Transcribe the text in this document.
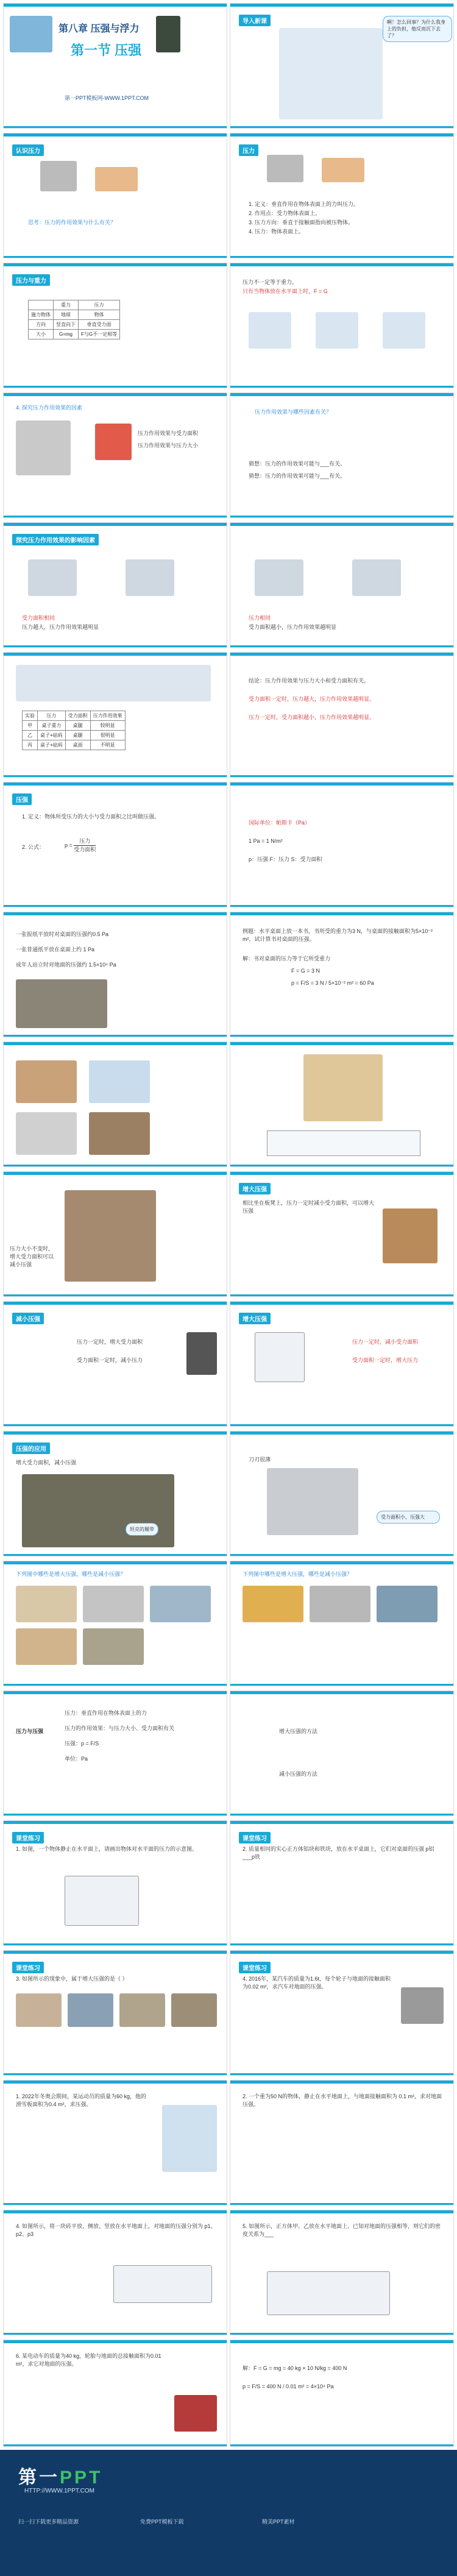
第八章 压强与浮力
第一节 压强
第一PPT模板网-WWW.1PPT.COM
导入新课	啊！怎么回事？为什么我身上的负担，他反而沉下去了？
认识压力
思考：压力的作用效果与什么有关？
压力
1. 定义：垂直作用在物体表面上的力叫压力。
2. 作用点：受力物体表面上。
3. 压力方向：垂直于接触面指向被压物体。
4. 压力：物体表面上。
压力与重力
	重力	压力
施力物体	地球	物体
方向	竖直向下	垂直受力面
大小	G=mg	F与G不一定相等
压力不一定等于重力。
只有当物体放在水平面上时，F = G
4. 探究压力作用效果的因素
压力作用效果与受力面积
压力作用效果与压力大小
压力作用效果与哪些因素有关？
猜想：压力的作用效果可能与___有关。
猜想：压力的作用效果可能与___有关。
探究压力作用效果的影响因素
受力面积相同
压力越大，压力作用效果越明显
压力相同
受力面积越小，压力作用效果越明显
实验	压力	受力面积	压力作用效果
甲	桌子重力	桌腿	较明显
乙	桌子+砝码	桌腿	很明显
丙	桌子+砝码	桌面	不明显
结论：压力作用效果与压力大小和受力面积有关。
受力面积一定时，压力越大，压力作用效果越明显。
压力一定时，受力面积越小，压力作用效果越明显。
压强
1. 定义：物体所受压力的大小与受力面积之比叫做压强。
2. 公式：	$p = \frac{\text{压力}}{\text{受力面积}}$
国际单位：帕斯卡（Pa）
1 Pa = 1 N/m²
p：压强 F：压力 S：受力面积
一张报纸平放时对桌面的压强约0.5 Pa
一张普通纸平放在桌面上约 1 Pa
成年人站立时对地面的压强约 1.5×10⁴ Pa
例题：水平桌面上放一本书，书所受的重力为3 N，与桌面的接触面积为5×10⁻² m²，试计算书对桌面的压强。
解：书对桌面的压力等于它所受重力
F = G = 3 N
p = F/S = 3 N / 5×10⁻² m² = 60 Pa
压力大小不变时，增大受力面积可以减小压强
增大压强
相比坐在板凳上，压力一定时减小受力面积，可以增大压强
减小压强
压力一定时，增大受力面积
受力面积一定时，减小压力
增大压强
压力一定时，减小受力面积
受力面积一定时，增大压力
压强的应用
增大受力面积，减小压强
坦克的履带
刀刃很薄
受力面积小，压强大
下列图中哪些是增大压强，哪些是减小压强？	下列图中哪些是增大压强，哪些是减小压强？
压力与压强
压力：垂直作用在物体表面上的力
压力的作用效果：与压力大小、受力面积有关
压强：p = F/S
单位：Pa
增大压强的方法
减小压强的方法
课堂练习
1. 如图，一个物体静止在水平面上，请画出物体对水平面的压力的示意图。
课堂练习
2. 质量相同的实心正方体铝块和铁块，放在水平桌面上，它们对桌面的压强 p铝___p铁
课堂练习
3. 如图所示的现象中，属于增大压强的是（ ）
课堂练习
4. 2016年，某汽车的质量为1.6t，每个轮子与地面的接触面积为0.02 m²，求汽车对地面的压强。
1. 2022年冬奥会期间，某运动员的质量为60 kg，他的滑雪板面积为0.4 m²，求压强。
2. 一个重为50 N的物体，静止在水平地面上，与地面接触面积为 0.1 m²，求对地面压强。
4. 如图所示，将一块砖平放、侧放、竖放在水平地面上，对地面的压强分别为 p1、p2、p3
5. 如图所示，正方体甲、乙放在水平地面上，已知对地面的压强相等，则它们的密度关系为___
6. 某电动车的质量为40 kg，轮胎与地面的总接触面积为0.01 m²，求它对地面的压强。
解：F = G = mg = 40 kg × 10 N/kg = 400 N
p = F/S = 400 N / 0.01 m² = 4×10⁴ Pa
第一PPT
HTTP://WWW.1PPT.COM
扫一扫下载更多精品资源	免费PPT模板下载	精美PPT素材
